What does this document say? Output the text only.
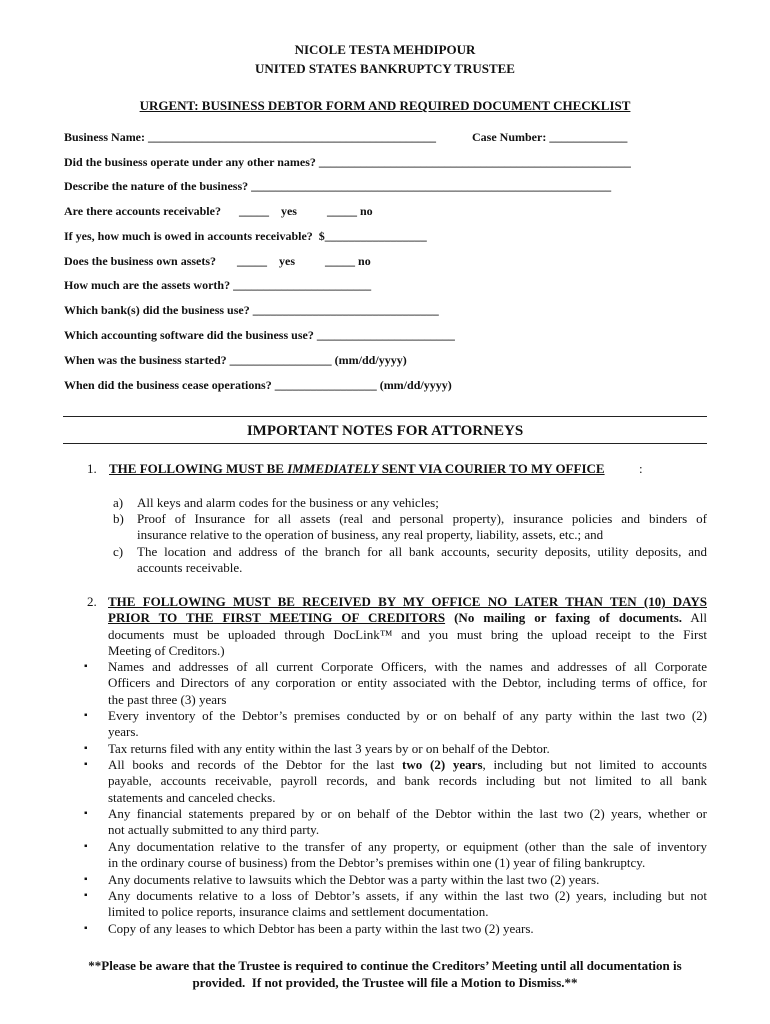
NICOLE TESTA MEHDIPOUR
UNITED STATES BANKRUPTCY TRUSTEE
URGENT: BUSINESS DEBTOR FORM AND REQUIRED DOCUMENT CHECKLIST
Business Name: ________________________________________________	Case Number: _____________
Did the business operate under any other names? ____________________________________________________
Describe the nature of the business? ____________________________________________________________
Are there accounts receivable?      _____    yes          _____ no
If yes, how much is owed in accounts receivable?  $_________________
Does the business own assets?       _____    yes          _____ no
How much are the assets worth? _______________________
Which bank(s) did the business use? _______________________________
Which accounting software did the business use? _______________________
When was the business started? _________________ (mm/dd/yyyy)
When did the business cease operations? _________________ (mm/dd/yyyy)
IMPORTANT NOTES FOR ATTORNEYS
1. THE FOLLOWING MUST BE IMMEDIATELY SENT VIA COURIER TO MY OFFICE	:
a) All keys and alarm codes for the business or any vehicles;
b) Proof of Insurance for all assets (real and personal property), insurance policies and binders of
insurance relative to the operation of business, any real property, liability, assets, etc.; and
c) The location and address of the branch for all bank accounts, security deposits, utility deposits, and
accounts receivable.
2. THE FOLLOWING MUST BE RECEIVED BY MY OFFICE NO LATER THAN TEN (10) DAYS
PRIOR TO THE FIRST MEETING OF CREDITORS (No mailing or faxing of documents. All
documents must be uploaded through DocLink™ and you must bring the upload receipt to the First
Meeting of Creditors.)
▪ Names and addresses of all current Corporate Officers, with the names and addresses of all Corporate
Officers and Directors of any corporation or entity associated with the Debtor, including terms of office, for
the past three (3) years
▪ Every inventory of the Debtor’s premises conducted by or on behalf of any party within the last two (2)
years.
▪ Tax returns filed with any entity within the last 3 years by or on behalf of the Debtor.
▪ All books and records of the Debtor for the last two (2) years, including but not limited to accounts
payable, accounts receivable, payroll records, and bank records including but not limited to all bank
statements and canceled checks.
▪ Any financial statements prepared by or on behalf of the Debtor within the last two (2) years, whether or
not actually submitted to any third party.
▪ Any documentation relative to the transfer of any property, or equipment (other than the sale of inventory
in the ordinary course of business) from the Debtor’s premises within one (1) year of filing bankruptcy.
▪ Any documents relative to lawsuits which the Debtor was a party within the last two (2) years.
▪ Any documents relative to a loss of Debtor’s assets, if any within the last two (2) years, including but not
limited to police reports, insurance claims and settlement documentation.
▪ Copy of any leases to which Debtor has been a party within the last two (2) years.
**Please be aware that the Trustee is required to continue the Creditors’ Meeting until all documentation is
provided.  If not provided, the Trustee will file a Motion to Dismiss.**
